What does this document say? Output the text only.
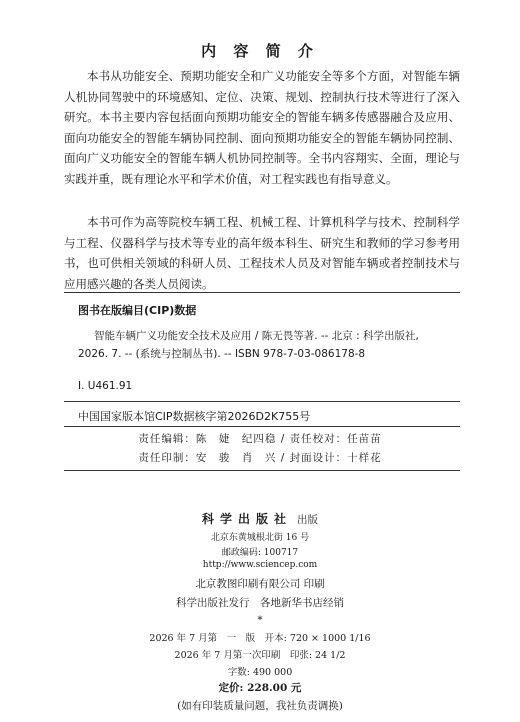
内 容 简 介

本书从功能安全、预期功能安全和广义功能安全等多个方面，对智能车辆人机协同驾驶中的环境感知、定位、决策、规划、控制执行技术等进行了深入研究。本书主要内容包括面向预期功能安全的智能车辆多传感器融合及应用、面向功能安全的智能车辆协同控制、面向预期功能安全的智能车辆协同控制、面向广义功能安全的智能车辆人机协同控制等。全书内容翔实、全面，理论与实践并重，既有理论水平和学术价值，对工程实践也有指导意义。

本书可作为高等院校车辆工程、机械工程、计算机科学与技术、控制科学与工程、仪器科学与技术等专业的高年级本科生、研究生和教师的学习参考用书，也可供相关领域的科研人员、工程技术人员及对智能车辆或者控制技术与应用感兴趣的各类人员阅读。

图书在版编目(CIP)数据
智能车辆广义功能安全技术及应用 / 陈无畏等著. -- 北京 : 科学出版社, 2026. 7. -- (系统与控制丛书). -- ISBN 978-7-03-086178-8
Ⅰ. U461.91
中国国家版本馆CIP数据核字第2026D2K755号
责任编辑：陈　婕　纪四稳 / 责任校对：任苗苗
责任印制：安　骏　肖　兴 / 封面设计：十样花
科学出版社 出版
北京东黄城根北街 16 号
邮政编码: 100717
http://www.sciencep.com
北京教图印刷有限公司 印刷
科学出版社发行　各地新华书店经销
*
2026 年 7 月第　一　版　开本: 720 × 1000 1/16
2026 年 7 月第一次印刷　印张: 24 1/2
字数: 490 000
定价: 228.00 元
(如有印装质量问题，我社负责调换)
